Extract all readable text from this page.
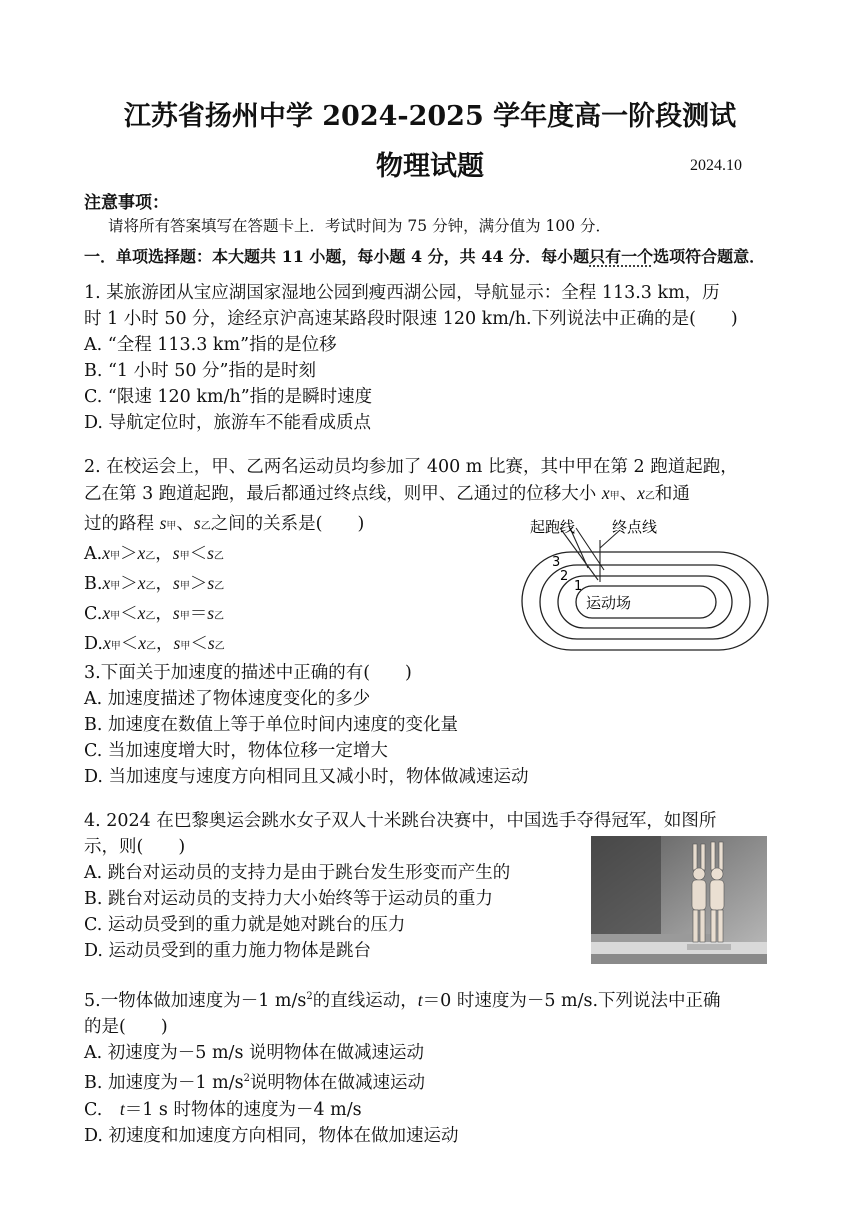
江苏省扬州中学 2024-2025 学年度高一阶段测试
物理试题	2024.10
注意事项：
请将所有答案填写在答题卡上．考试时间为 75 分钟，满分值为 100 分．
一．单项选择题：本大题共 11 小题，每小题 4 分，共 44 分．每小题只有一个选项符合题意．
1. 某旅游团从宝应湖国家湿地公园到瘦西湖公园，导航显示：全程 113.3 km，历
时 1 小时 50 分，途经京沪高速某路段时限速 120 km/h.下列说法中正确的是(　　)
A. “全程 113.3 km”指的是位移
B. “1 小时 50 分”指的是时刻
C. “限速 120 km/h”指的是瞬时速度
D. 导航定位时，旅游车不能看成质点
2. 在校运会上，甲、乙两名运动员均参加了 400 m 比赛，其中甲在第 2 跑道起跑，
乙在第 3 跑道起跑，最后都通过终点线，则甲、乙通过的位移大小 x甲、x乙和通
过的路程 s甲、s乙之间的关系是(　　)
A.x甲＞x乙，s甲＜s乙
B.x甲＞x乙，s甲＞s乙
C.x甲＜x乙，s甲＝s乙
D.x甲＜x乙，s甲＜s乙
起跑线 终点线
运动场
3
2
1
3.下面关于加速度的描述中正确的有(　　)
A. 加速度描述了物体速度变化的多少
B. 加速度在数值上等于单位时间内速度的变化量
C. 当加速度增大时，物体位移一定增大
D. 当加速度与速度方向相同且又减小时，物体做减速运动
4. 2024 在巴黎奥运会跳水女子双人十米跳台决赛中，中国选手夺得冠军，如图所
示，则(　　)
A. 跳台对运动员的支持力是由于跳台发生形变而产生的
B. 跳台对运动员的支持力大小始终等于运动员的重力
C. 运动员受到的重力就是她对跳台的压力
D. 运动员受到的重力施力物体是跳台
5.一物体做加速度为－1 $m/s^2$的直线运动，t＝0 时速度为－5 m/s.下列说法中正确
的是(　　)
A. 初速度为－5 m/s 说明物体在做减速运动
B. 加速度为－1 $m/s^2$说明物体在做减速运动
C.　t＝1 s 时物体的速度为－4 m/s
D. 初速度和加速度方向相同，物体在做加速运动
